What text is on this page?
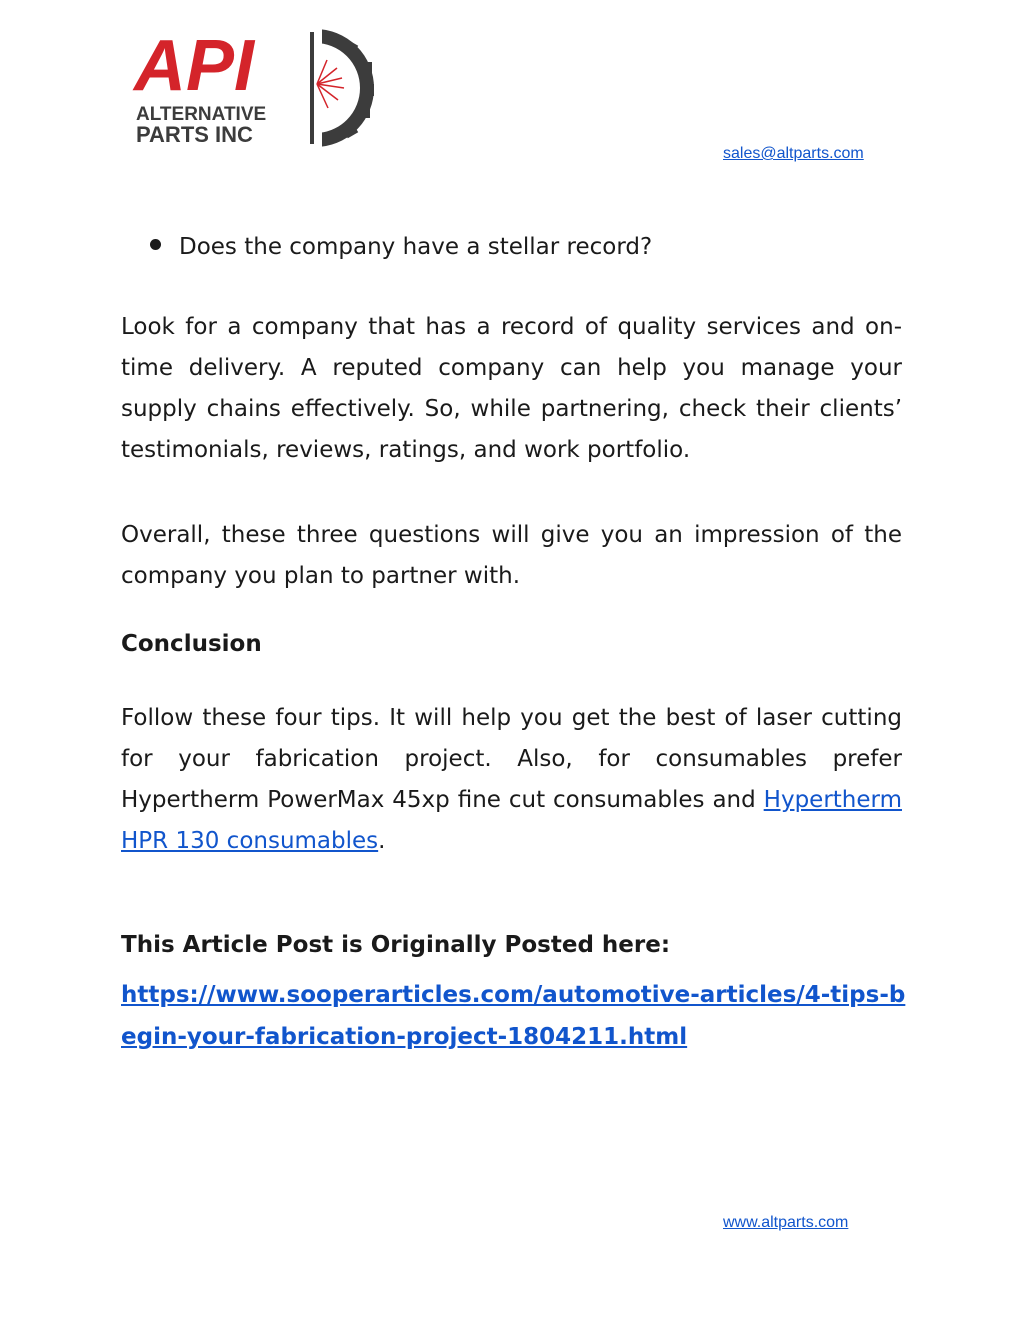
API
ALTERNATIVE
PARTS INC
sales@altparts.com
Does the company have a stellar record?
Look for a company that has a record of quality services and on-time delivery. A reputed company can help you manage your supply chains effectively. So, while partnering, check their clients’ testimonials, reviews, ratings, and work portfolio.
Overall, these three questions will give you an impression of the company you plan to partner with.
Conclusion
Follow these four tips. It will help you get the best of laser cutting for your fabrication project. Also, for consumables prefer Hypertherm PowerMax 45xp fine cut consumables and Hypertherm HPR 130 consumables.
This Article Post is Originally Posted here:
https://www.sooperarticles.com/automotive-articles/4-tips-begin-your-fabrication-project-1804211.html
www.altparts.com
